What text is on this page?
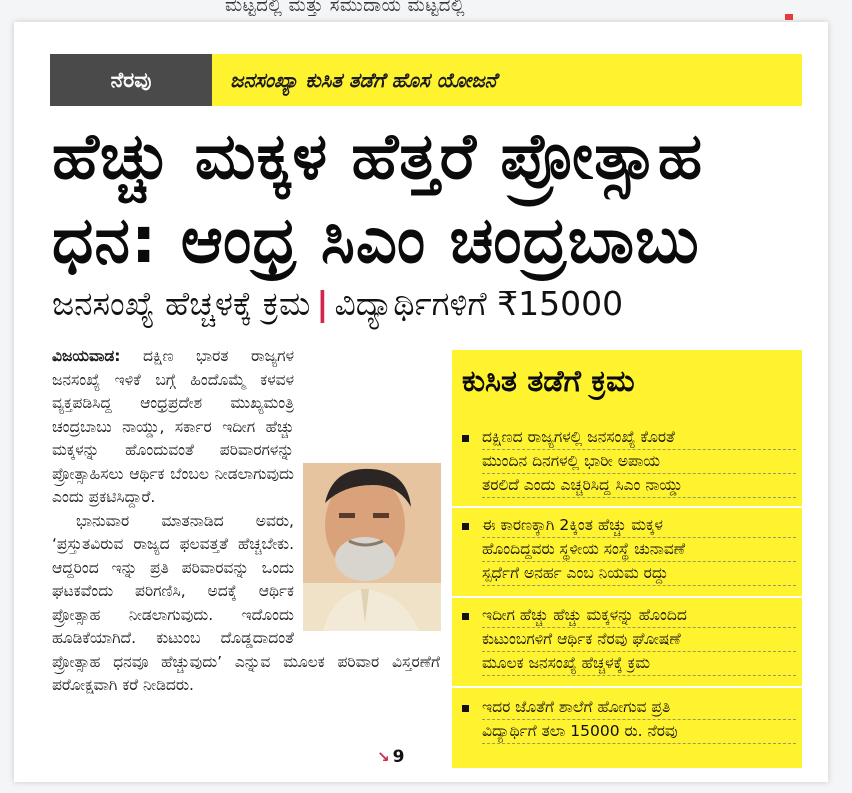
ಮಟ್ಟದಲ್ಲಿ ಮತ್ತು ಸಮುದಾಯ ಮಟ್ಟದಲ್ಲಿ
ನೆರವು	ಜನಸಂಖ್ಯಾ ಕುಸಿತ ತಡೆಗೆ ಹೊಸ ಯೋಜನೆ
ಹೆಚ್ಚು ಮಕ್ಕಳ ಹೆತ್ತರೆ ಪ್ರೋತ್ಸಾಹ
ಧನ: ಆಂಧ್ರ ಸಿಎಂ ಚಂದ್ರಬಾಬು
ಜನಸಂಖ್ಯೆ ಹೆಚ್ಚಳಕ್ಕೆ ಕ್ರಮ | ವಿದ್ಯಾರ್ಥಿಗಳಿಗೆ ₹15000
ವಿಜಯವಾಡ: ದಕ್ಷಿಣ ಭಾರತ ರಾಜ್ಯಗಳ ಜನಸಂಖ್ಯೆ ಇಳಿಕೆ ಬಗ್ಗೆ ಹಿಂದೊಮ್ಮೆ ಕಳವಳ ವ್ಯಕ್ತಪಡಿಸಿದ್ದ ಆಂಧ್ರಪ್ರದೇಶ ಮುಖ್ಯಮಂತ್ರಿ ಚಂದ್ರಬಾಬು ನಾಯ್ಡು, ಸರ್ಕಾರ ಇದೀಗ ಹೆಚ್ಚು ಮಕ್ಕಳನ್ನು ಹೊಂದುವಂತೆ ಪರಿವಾರಗಳನ್ನು ಪ್ರೋತ್ಸಾಹಿಸಲು ಆರ್ಥಿಕ ಬೆಂಬಲ ನೀಡಲಾಗುವುದು ಎಂದು ಪ್ರಕಟಿಸಿದ್ದಾರೆ.
ಭಾನುವಾರ ಮಾತನಾಡಿದ ಅವರು, ‘ಪ್ರಸ್ತುತವಿರುವ ರಾಜ್ಯದ ಫಲವತ್ತತೆ ಹೆಚ್ಚಬೇಕು. ಆದ್ದರಿಂದ ಇನ್ನು ಪ್ರತಿ ಪರಿವಾರವನ್ನು ಒಂದು ಘಟಕವೆಂದು ಪರಿಗಣಿಸಿ, ಅದಕ್ಕೆ ಆರ್ಥಿಕ ಪ್ರೋತ್ಸಾಹ ನೀಡಲಾಗುವುದು. ಇದೊಂದು ಹೂಡಿಕೆಯಾಗಿದೆ. ಕುಟುಂಬ ದೊಡ್ಡದಾದಂತೆ ಪ್ರೋತ್ಸಾಹ ಧನವೂ ಹೆಚ್ಚುವುದು’ ಎನ್ನುವ ಮೂಲಕ ಪರಿವಾರ ವಿಸ್ತರಣೆಗೆ ಪರೋಕ್ಷವಾಗಿ ಕರೆ ನೀಡಿದರು.
↘ 9
ಕುಸಿತ ತಡೆಗೆ ಕ್ರಮ
ದಕ್ಷಿಣದ ರಾಜ್ಯಗಳಲ್ಲಿ ಜನಸಂಖ್ಯೆ ಕೊರತೆ
ಮುಂದಿನ ದಿನಗಳಲ್ಲಿ ಭಾರೀ ಅಪಾಯ
ತರಲಿದೆ ಎಂದು ಎಚ್ಚರಿಸಿದ್ದ ಸಿಎಂ ನಾಯ್ಡು
ಈ ಕಾರಣಕ್ಕಾಗಿ 2ಕ್ಕಿಂತ ಹೆಚ್ಚು ಮಕ್ಕಳ
ಹೊಂದಿದ್ದವರು ಸ್ಥಳೀಯ ಸಂಸ್ಥೆ ಚುನಾವಣೆ
ಸ್ಪರ್ಧೆಗೆ ಅನರ್ಹ ಎಂಬ ನಿಯಮ ರದ್ದು
ಇದೀಗ ಹೆಚ್ಚು ಹೆಚ್ಚು ಮಕ್ಕಳನ್ನು ಹೊಂದಿದ
ಕುಟುಂಬಗಳಿಗೆ ಆರ್ಥಿಕ ನೆರವು ಘೋಷಣೆ
ಮೂಲಕ ಜನಸಂಖ್ಯೆ ಹೆಚ್ಚಳಕ್ಕೆ ಕ್ರಮ
ಇದರ ಜೊತೆಗೆ ಶಾಲೆಗೆ ಹೋಗುವ ಪ್ರತಿ
ವಿದ್ಯಾರ್ಥಿಗೆ ತಲಾ 15000 ರು. ನೆರವು
